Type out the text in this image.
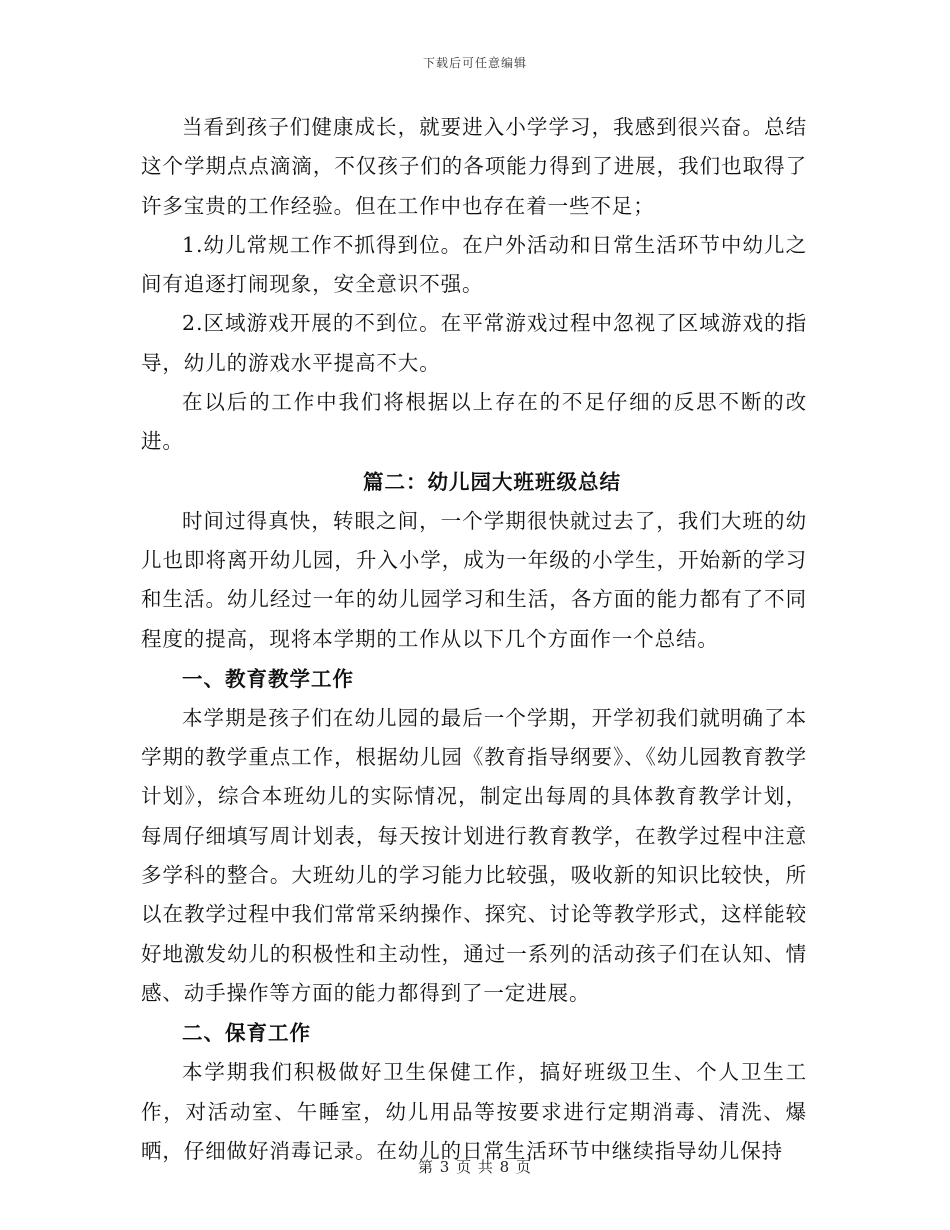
下载后可任意编辑

当看到孩子们健康成长，就要进入小学学习，我感到很兴奋。总结这个学期点点滴滴，不仅孩子们的各项能力得到了进展，我们也取得了许多宝贵的工作经验。但在工作中也存在着一些不足；

1.幼儿常规工作不抓得到位。在户外活动和日常生活环节中幼儿之间有追逐打闹现象，安全意识不强。

2.区域游戏开展的不到位。在平常游戏过程中忽视了区域游戏的指导，幼儿的游戏水平提高不大。

在以后的工作中我们将根据以上存在的不足仔细的反思不断的改进。

篇二：幼儿园大班班级总结

时间过得真快，转眼之间，一个学期很快就过去了，我们大班的幼儿也即将离开幼儿园，升入小学，成为一年级的小学生，开始新的学习和生活。幼儿经过一年的幼儿园学习和生活，各方面的能力都有了不同程度的提高，现将本学期的工作从以下几个方面作一个总结。

一、教育教学工作

本学期是孩子们在幼儿园的最后一个学期，开学初我们就明确了本学期的教学重点工作，根据幼儿园《教育指导纲要》、《幼儿园教育教学计划》，综合本班幼儿的实际情况，制定出每周的具体教育教学计划，每周仔细填写周计划表，每天按计划进行教育教学，在教学过程中注意多学科的整合。大班幼儿的学习能力比较强，吸收新的知识比较快，所以在教学过程中我们常常采纳操作、探究、讨论等教学形式，这样能较好地激发幼儿的积极性和主动性，通过一系列的活动孩子们在认知、情感、动手操作等方面的能力都得到了一定进展。

二、保育工作

本学期我们积极做好卫生保健工作，搞好班级卫生、个人卫生工作，对活动室、午睡室，幼儿用品等按要求进行定期消毒、清洗、爆晒，仔细做好消毒记录。在幼儿的日常生活环节中继续指导幼儿保持

第 3 页 共 8 页
